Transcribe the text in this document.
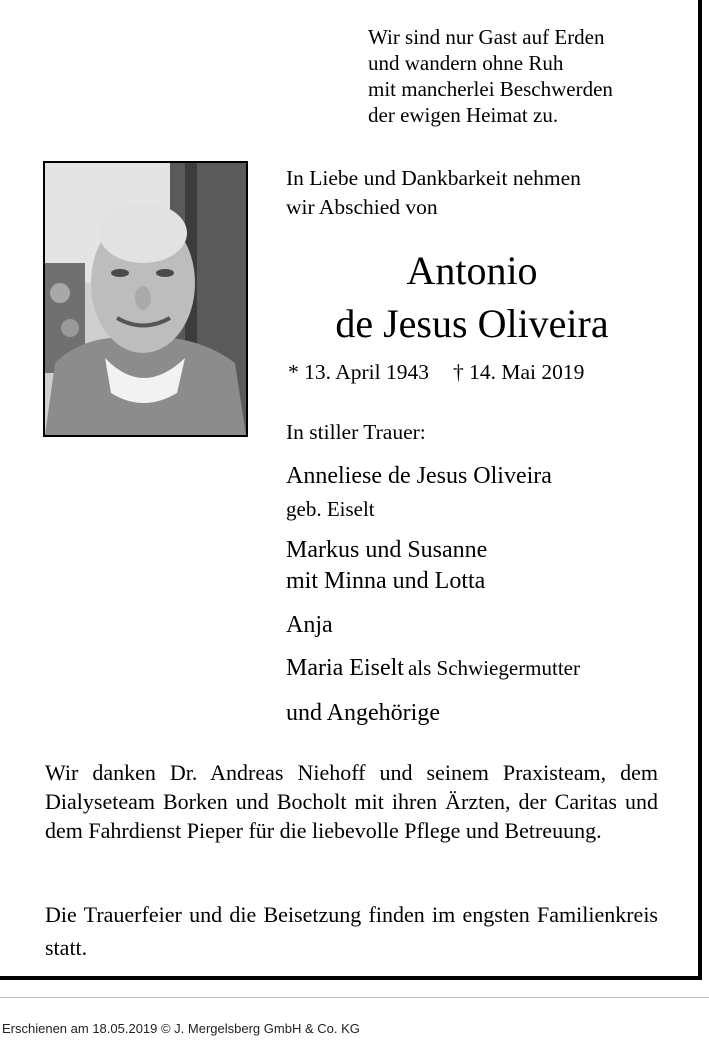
Wir sind nur Gast auf Erden
und wandern ohne Ruh
mit mancherlei Beschwerden
der ewigen Heimat zu.
In Liebe und Dankbarkeit nehmen
wir Abschied von
Antonio
de Jesus Oliveira
* 13. April 1943 † 14. Mai 2019
In stiller Trauer:
Anneliese de Jesus Oliveira
geb. Eiselt
Markus und Susanne
mit Minna und Lotta
Anja
Maria Eiselt als Schwiegermutter
und Angehörige
Wir danken Dr. Andreas Niehoff und seinem Praxisteam, dem Dialyseteam Borken und Bocholt mit ihren Ärzten, der Caritas und dem Fahrdienst Pieper für die liebevolle Pflege und Betreuung.
Die Trauerfeier und die Beisetzung finden im engsten Familienkreis statt.
Erschienen am 18.05.2019 © J. Mergelsberg GmbH & Co. KG
